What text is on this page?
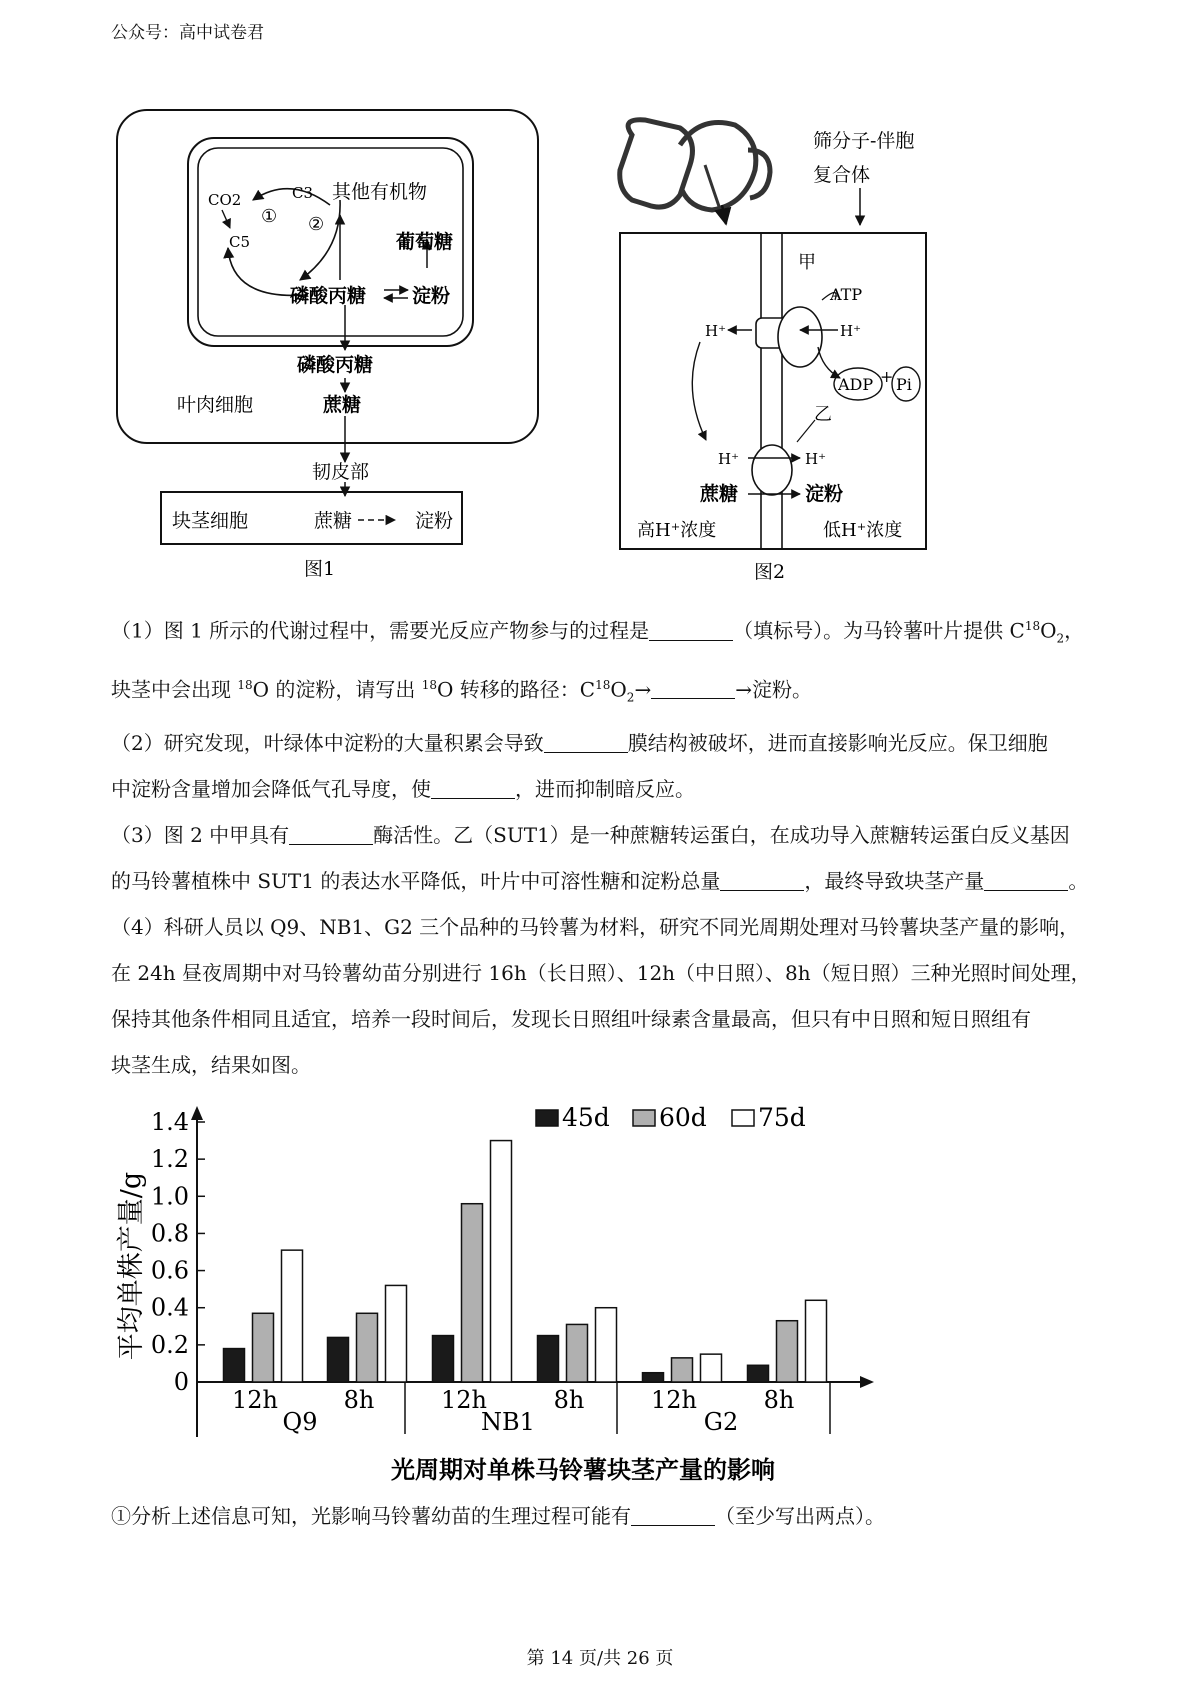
公众号：高中试卷君
CO2	C3
C5
① ②
其他有机物
葡萄糖
磷酸丙糖 淀粉
磷酸丙糖
叶肉细胞	蔗糖
韧皮部
块茎细胞	蔗糖	淀粉
图1
筛分子-伴胞
复合体
甲
ATP
H⁺	H⁺
ADP + Pi
乙
H⁺	H⁺
蔗糖	淀粉
高H⁺浓度	低H⁺浓度
图2

（1）图 1 所示的代谢过程中，需要光反应产物参与的过程是	（填标号）。为马铃薯叶片提供 $C^{18}O_2$，

块茎中会出现 $^{18}$O 的淀粉，请写出 $^{18}$O 转移的路径：$C^{18}O_2\to$	→淀粉。

（2）研究发现，叶绿体中淀粉的大量积累会导致	膜结构被破坏，进而直接影响光反应。保卫细胞

中淀粉含量增加会降低气孔导度，使	，进而抑制暗反应。

（3）图 2 中甲具有	酶活性。乙（SUT1）是一种蔗糖转运蛋白，在成功导入蔗糖转运蛋白反义基因

的马铃薯植株中 SUT1 的表达水平降低，叶片中可溶性糖和淀粉总量	，最终导致块茎产量	。

（4）科研人员以 Q9、NB1、G2 三个品种的马铃薯为材料，研究不同光周期处理对马铃薯块茎产量的影响，

在 24h 昼夜周期中对马铃薯幼苗分别进行 16h（长日照）、12h（中日照）、8h（短日照）三种光照时间处理，

保持其他条件相同且适宜，培养一段时间后，发现长日照组叶绿素含量最高，但只有中日照和短日照组有

块茎生成，结果如图。

0
0.2
0.4
0.6
0.8
1.0
1.2
1.4
平均单株产量/g
12h	8h	12h	8h	12h	8h
Q9	NB1	G2
45d 60d 75d
光周期对单株马铃薯块茎产量的影响

①分析上述信息可知，光影响马铃薯幼苗的生理过程可能有	（至少写出两点）。

第 14 页/共 26 页
